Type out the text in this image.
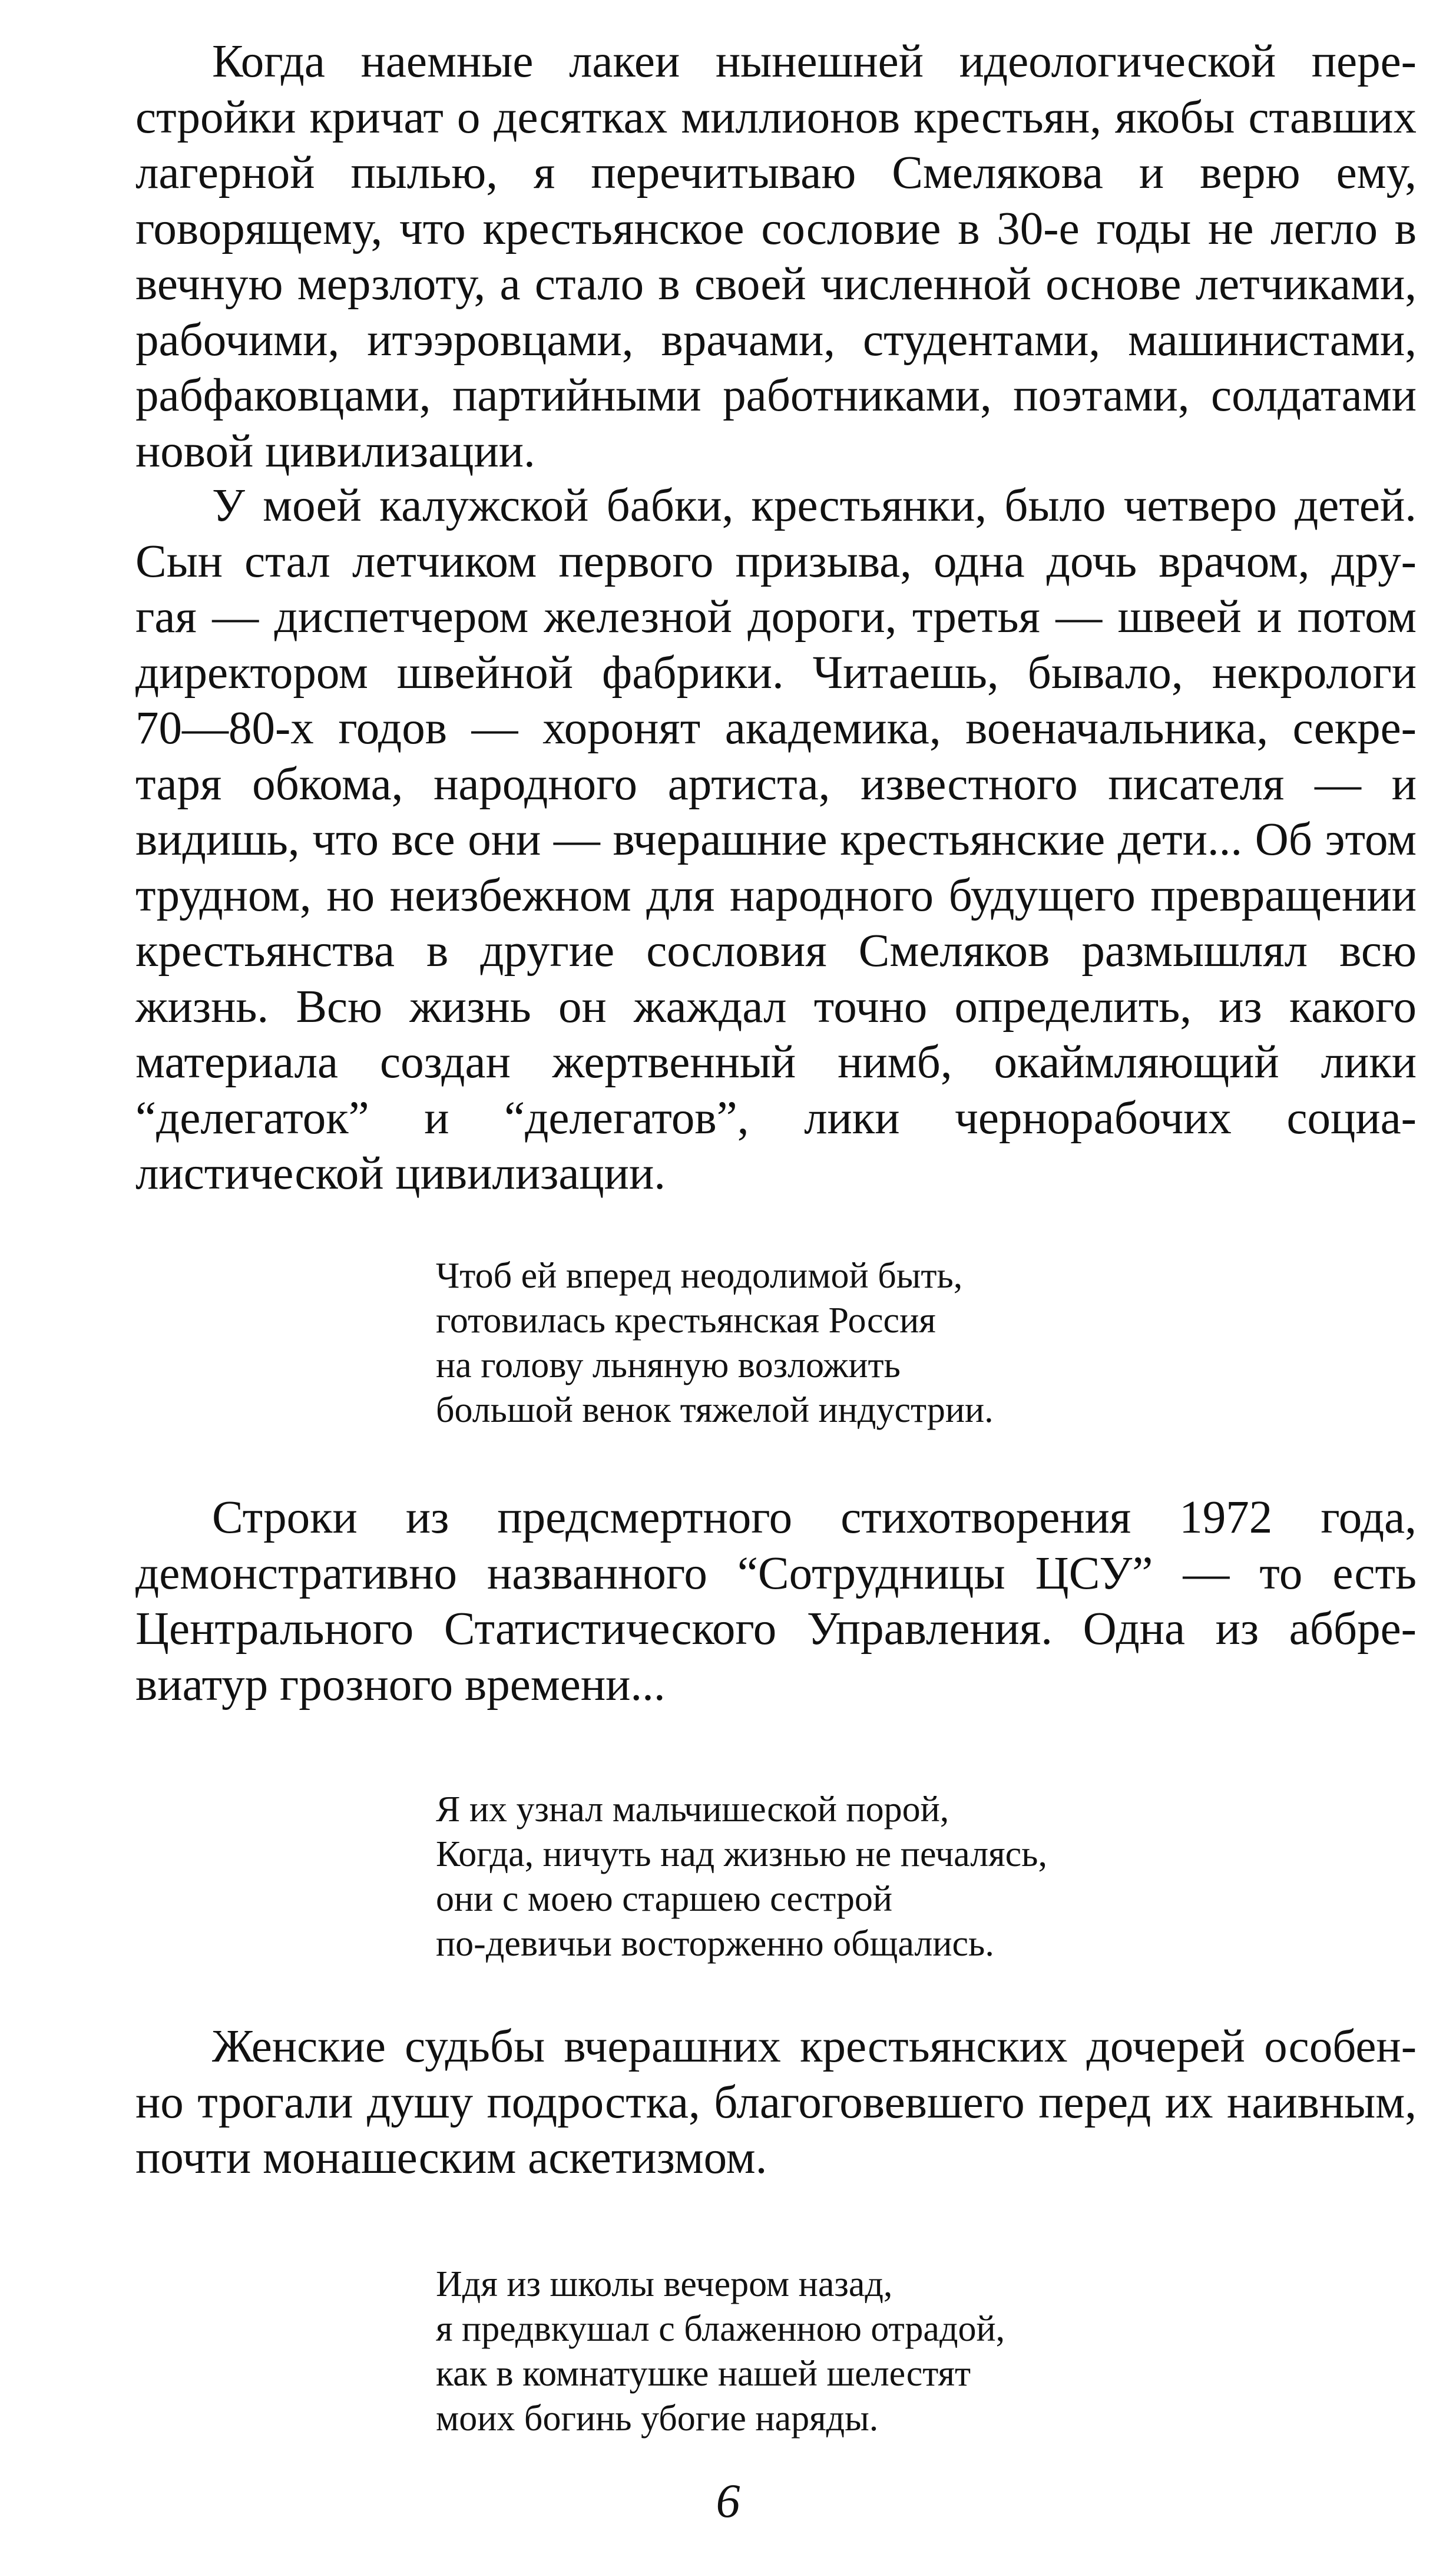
Когда наемные лакеи нынешней идеологической пере-
стройки кричат о десятках миллионов крестьян, якобы ставших
лагерной пылью, я перечитываю Смелякова и верю ему,
говорящему, что крестьянское сословие в 30-е годы не легло в
вечную мерзлоту, а стало в своей численной основе летчиками,
рабочими, итээровцами, врачами, студентами, машинистами,
рабфаковцами, партийными работниками, поэтами, солдатами
новой цивилизации.
У моей калужской бабки, крестьянки, было четверо детей.
Сын стал летчиком первого призыва, одна дочь врачом, дру-
гая — диспетчером железной дороги, третья — швеей и потом
директором швейной фабрики. Читаешь, бывало, некрологи
70—80-х годов — хоронят академика, военачальника, секре-
таря обкома, народного артиста, известного писателя — и
видишь, что все они — вчерашние крестьянские дети... Об этом
трудном, но неизбежном для народного будущего превращении
крестьянства в другие сословия Смеляков размышлял всю
жизнь. Всю жизнь он жаждал точно определить, из какого
материала создан жертвенный нимб, окаймляющий лики
“делегаток” и “делегатов”, лики чернорабочих социа-
листической цивилизации.
Чтоб ей вперед неодолимой быть,
готовилась крестьянская Россия
на голову льняную возложить
большой венок тяжелой индустрии.
Строки из предсмертного стихотворения 1972 года,
демонстративно названного “Сотрудницы ЦСУ” — то есть
Центрального Статистического Управления. Одна из аббре-
виатур грозного времени...
Я их узнал мальчишеской порой,
Когда, ничуть над жизнью не печалясь,
они с моею старшею сестрой
по-девичьи восторженно общались.
Женские судьбы вчерашних крестьянских дочерей особен-
но трогали душу подростка, благоговевшего перед их наивным,
почти монашеским аскетизмом.
Идя из школы вечером назад,
я предвкушал с блаженною отрадой,
как в комнатушке нашей шелестят
моих богинь убогие наряды.
6
